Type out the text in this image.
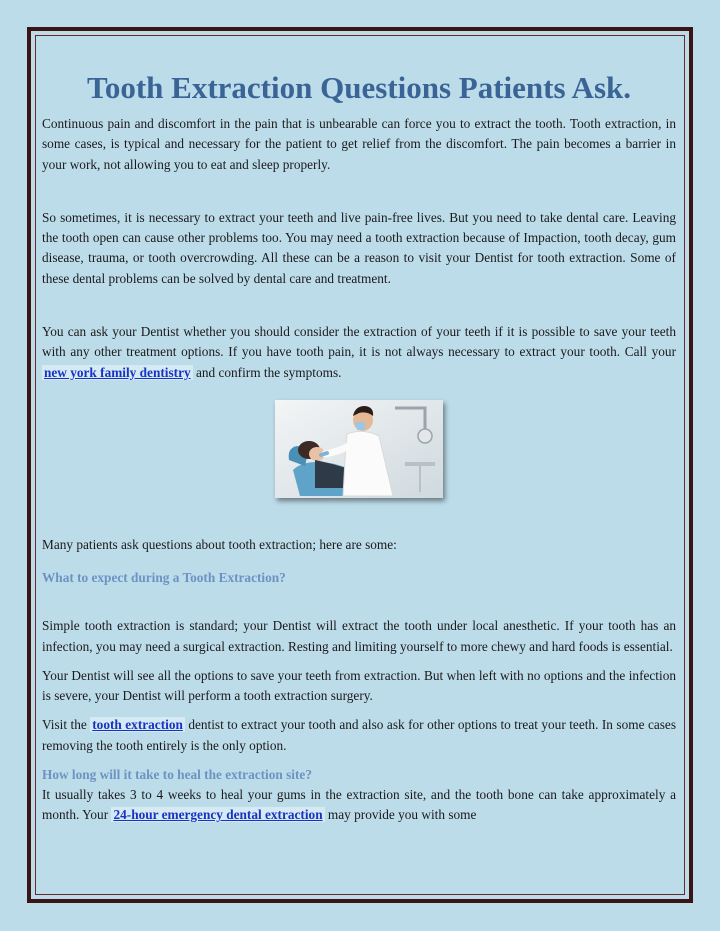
Tooth Extraction Questions Patients Ask.

Continuous pain and discomfort in the pain that is unbearable can force you to extract the tooth. Tooth extraction, in some cases, is typical and necessary for the patient to get relief from the discomfort. The pain becomes a barrier in your work, not allowing you to eat and sleep properly.

So sometimes, it is necessary to extract your teeth and live pain-free lives. But you need to take dental care. Leaving the tooth open can cause other problems too. You may need a tooth extraction because of Impaction, tooth decay, gum disease, trauma, or tooth overcrowding. All these can be a reason to visit your Dentist for tooth extraction. Some of these dental problems can be solved by dental care and treatment.

You can ask your Dentist whether you should consider the extraction of your teeth if it is possible to save your teeth with any other treatment options. If you have tooth pain, it is not always necessary to extract your tooth. Call your new york family dentistry and confirm the symptoms.

Many patients ask questions about tooth extraction; here are some:

What to expect during a Tooth Extraction?

Simple tooth extraction is standard; your Dentist will extract the tooth under local anesthetic. If your tooth has an infection, you may need a surgical extraction. Resting and limiting yourself to more chewy and hard foods is essential.

Your Dentist will see all the options to save your teeth from extraction. But when left with no options and the infection is severe, your Dentist will perform a tooth extraction surgery.

Visit the tooth extraction dentist to extract your tooth and also ask for other options to treat your teeth. In some cases removing the tooth entirely is the only option.

How long will it take to heal the extraction site?

It usually takes 3 to 4 weeks to heal your gums in the extraction site, and the tooth bone can take approximately a month. Your 24-hour emergency dental extraction may provide you with some
